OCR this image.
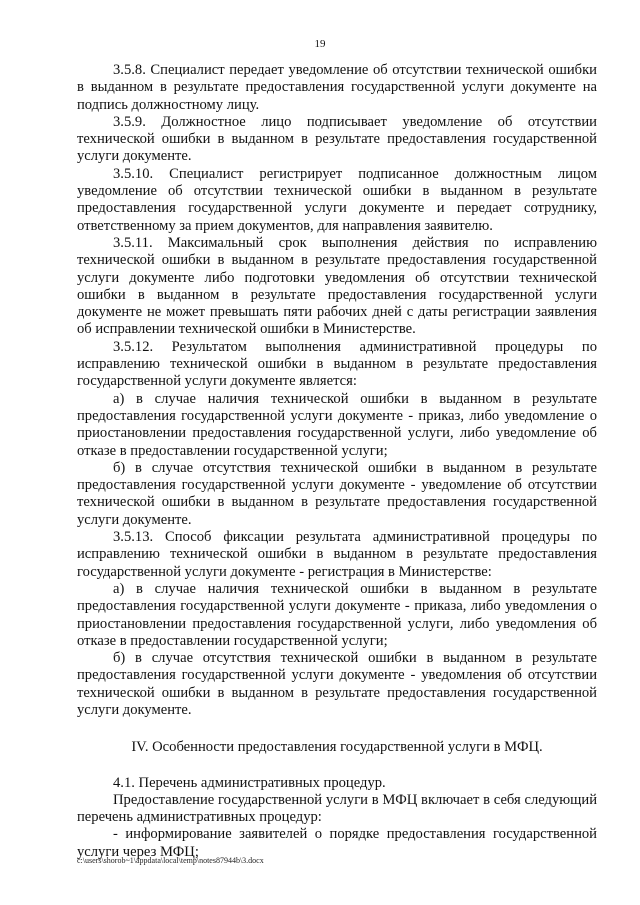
19

3.5.8. Специалист передает уведомление об отсутствии технической ошибки в выданном в результате предоставления государственной услуги документе на подпись должностному лицу.

3.5.9. Должностное лицо подписывает уведомление об отсутствии технической ошибки в выданном в результате предоставления государственной услуги документе.

3.5.10. Специалист регистрирует подписанное должностным лицом уведомление об отсутствии технической ошибки в выданном в результате предоставления государственной услуги документе и передает сотруднику, ответственному за прием документов, для направления заявителю.

3.5.11. Максимальный срок выполнения действия по исправлению технической ошибки в выданном в результате предоставления государственной услуги документе либо подготовки уведомления об отсутствии технической ошибки в выданном в результате предоставления государственной услуги документе не может превышать пяти рабочих дней с даты регистрации заявления об исправлении технической ошибки в Министерстве.

3.5.12. Результатом выполнения административной процедуры по исправлению технической ошибки в выданном в результате предоставления государственной услуги документе является:

а) в случае наличия технической ошибки в выданном в результате предоставления государственной услуги документе - приказ, либо уведомление о приостановлении предоставления государственной услуги, либо уведомление об отказе в предоставлении государственной услуги;

б) в случае отсутствия технической ошибки в выданном в результате предоставления государственной услуги документе - уведомление об отсутствии технической ошибки в выданном в результате предоставления государственной услуги документе.

3.5.13. Способ фиксации результата административной процедуры по исправлению технической ошибки в выданном в результате предоставления государственной услуги документе - регистрация в Министерстве:

а) в случае наличия технической ошибки в выданном в результате предоставления государственной услуги документе - приказа, либо уведомления о приостановлении предоставления государственной услуги, либо уведомления об отказе в предоставлении государственной услуги;

б) в случае отсутствия технической ошибки в выданном в результате предоставления государственной услуги документе - уведомления об отсутствии технической ошибки в выданном в результате предоставления государственной услуги документе.

IV. Особенности предоставления государственной услуги в МФЦ.

4.1. Перечень административных процедур.

Предоставление государственной услуги в МФЦ включает в себя следующий перечень административных процедур:

- информирование заявителей о порядке предоставления государственной услуги через МФЦ;

c:\users\shorob~1\appdata\local\temp\notes87944b\3.docx
